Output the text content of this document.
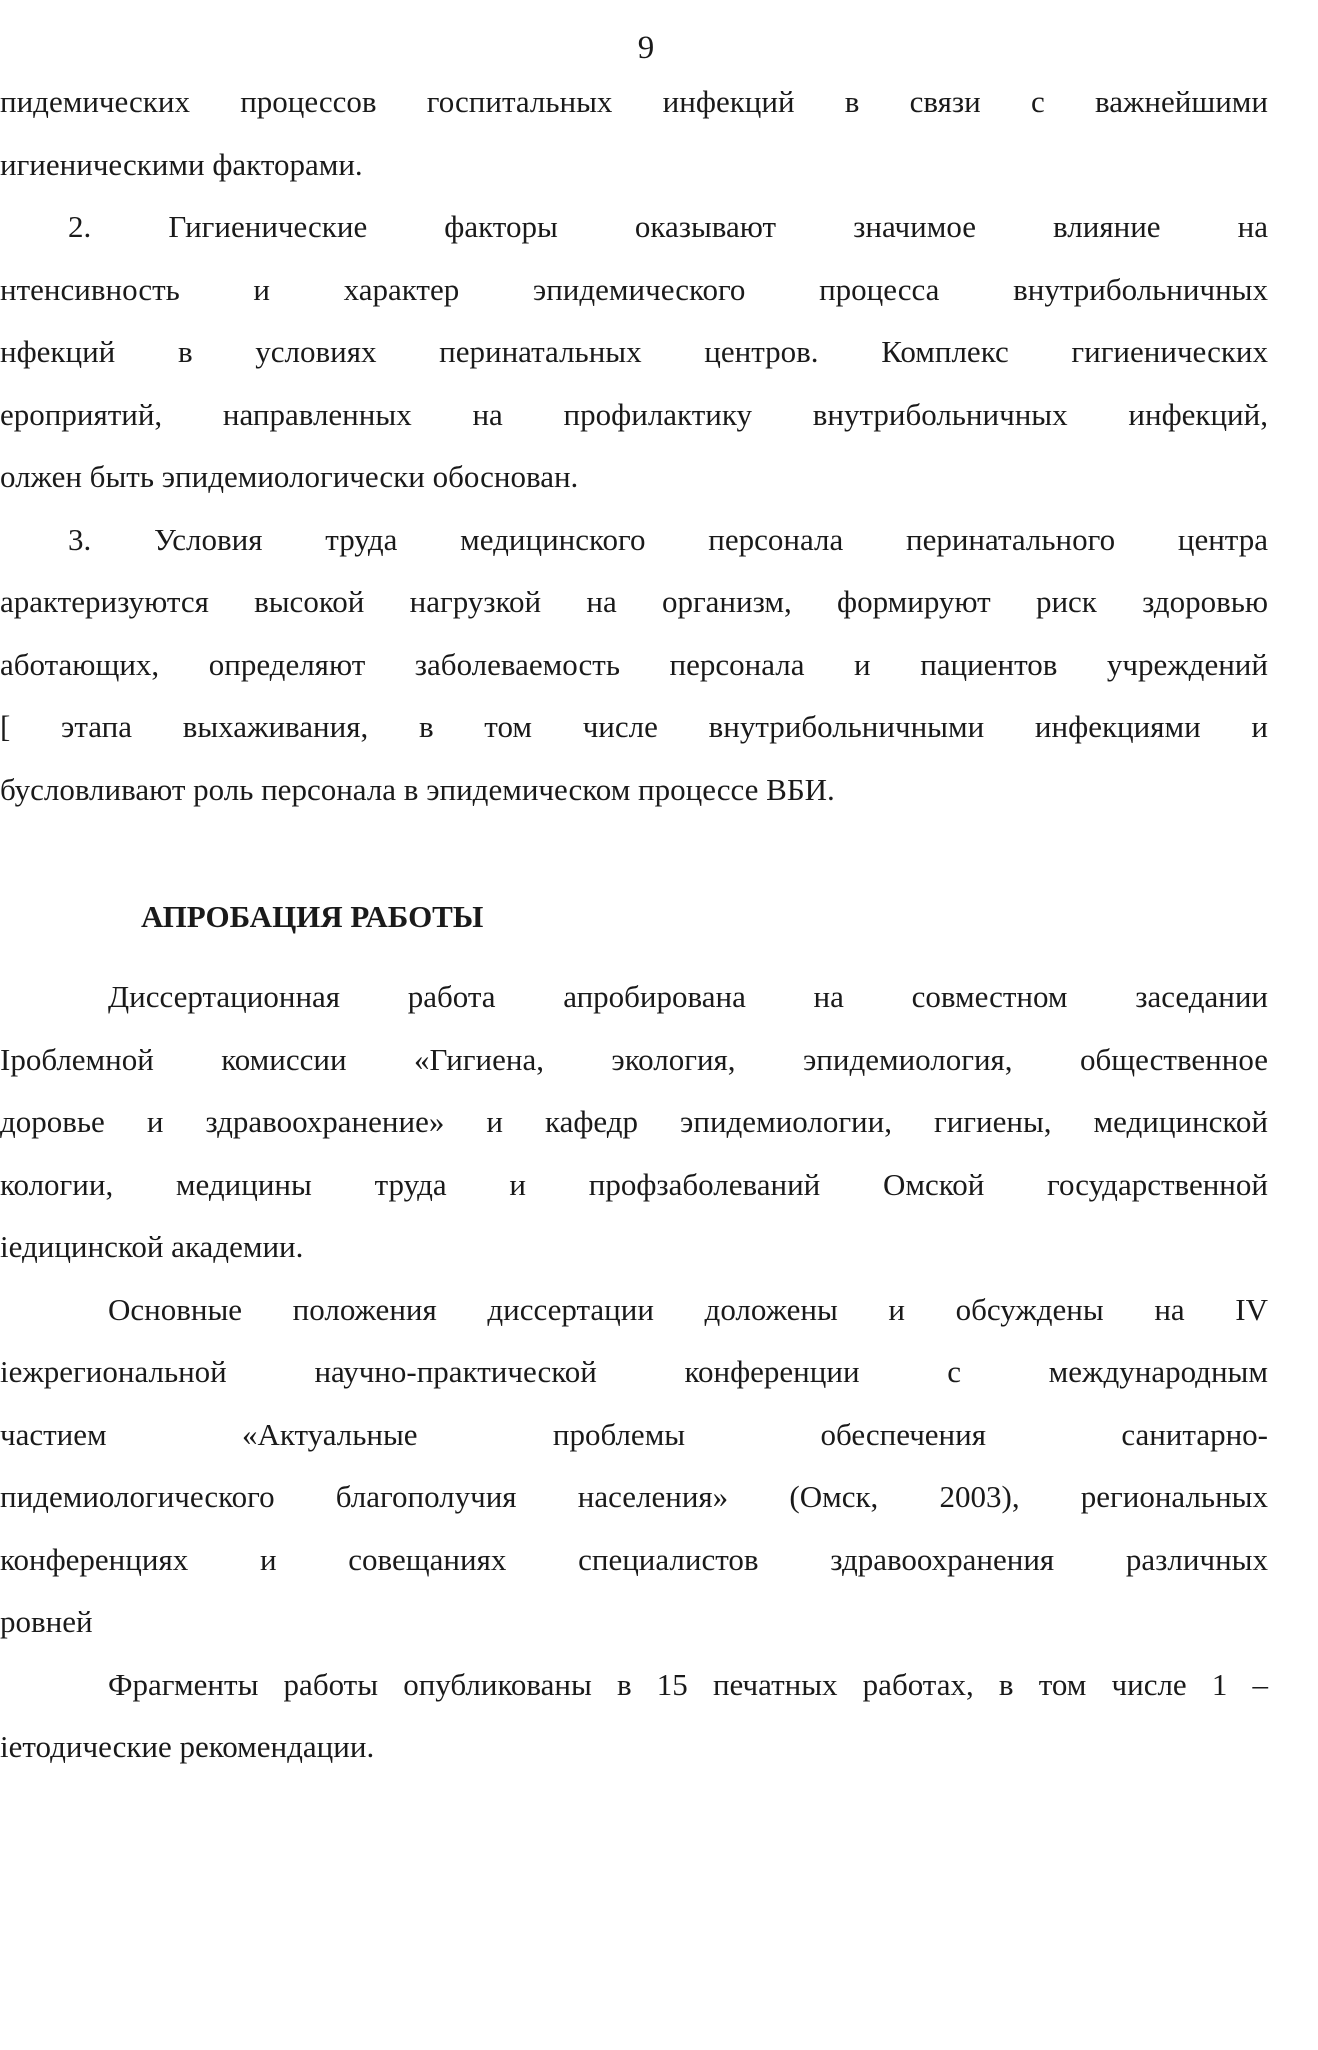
9
пидемических процессов госпитальных инфекций в связи с важнейшими
игиеническими факторами.
2. Гигиенические факторы оказывают значимое влияние на
нтенсивность и характер эпидемического процесса внутрибольничных
нфекций в условиях перинатальных центров. Комплекс гигиенических
ероприятий, направленных на профилактику внутрибольничных инфекций,
олжен быть эпидемиологически обоснован.
3. Условия труда медицинского персонала перинатального центра
арактеризуются высокой нагрузкой на организм, формируют риск здоровью
аботающих, определяют заболеваемость персонала и пациентов учреждений
[ этапа выхаживания, в том числе внутрибольничными инфекциями и
бусловливают роль персонала в эпидемическом процессе ВБИ.
АПРОБАЦИЯ РАБОТЫ
Диссертационная работа апробирована на совместном заседании
Іроблемной комиссии «Гигиена, экология, эпидемиология, общественное
доровье и здравоохранение» и кафедр эпидемиологии, гигиены, медицинской
кологии, медицины труда и профзаболеваний Омской государственной
іедицинской академии.
Основные положения диссертации доложены и обсуждены на IV
іежрегиональной научно-практической конференции с международным
частием «Актуальные проблемы обеспечения санитарно-
пидемиологического благополучия населения» (Омск, 2003), региональных
конференциях и совещаниях специалистов здравоохранения различных
ровней
Фрагменты работы опубликованы в 15 печатных работах, в том числе 1 –
іетодические рекомендации.
